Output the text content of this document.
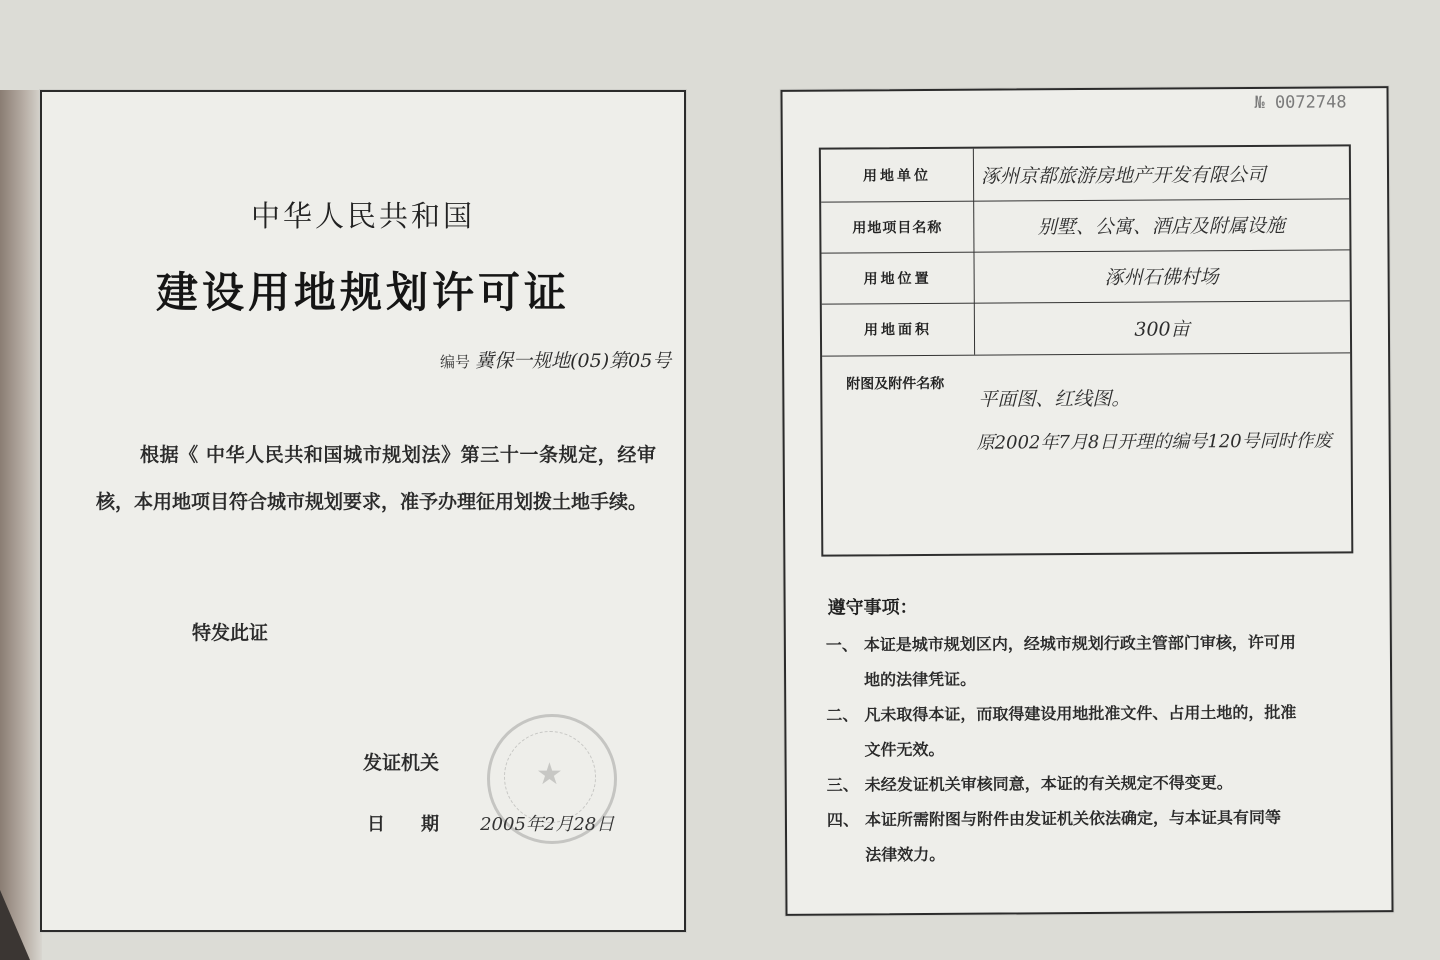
中华人民共和国
建设用地规划许可证
编号 冀保一规地(05)第05号
根据《 中华人民共和国城市规划法》第三十一条规定，经审核，本用地项目符合城市规划要求，准予办理征用划拨土地手续。
特发此证
★
发证机关
日期 2005年2月28日
№ 0072748
用地单位	涿州京都旅游房地产开发有限公司
用地项目名称	别墅、公寓、酒店及附属设施
用地位置	涿州石佛村场
用地面积	300亩
附图及附件名称
平面图、红线图。
原2002年7月8日开理的编号120号同时作废
遵守事项：
一、 本证是城市规划区内，经城市规划行政主管部门审核，许可用
地的法律凭证。
二、 凡未取得本证，而取得建设用地批准文件、占用土地的，批准
文件无效。
三、 未经发证机关审核同意，本证的有关规定不得变更。
四、 本证所需附图与附件由发证机关依法确定，与本证具有同等
法律效力。
